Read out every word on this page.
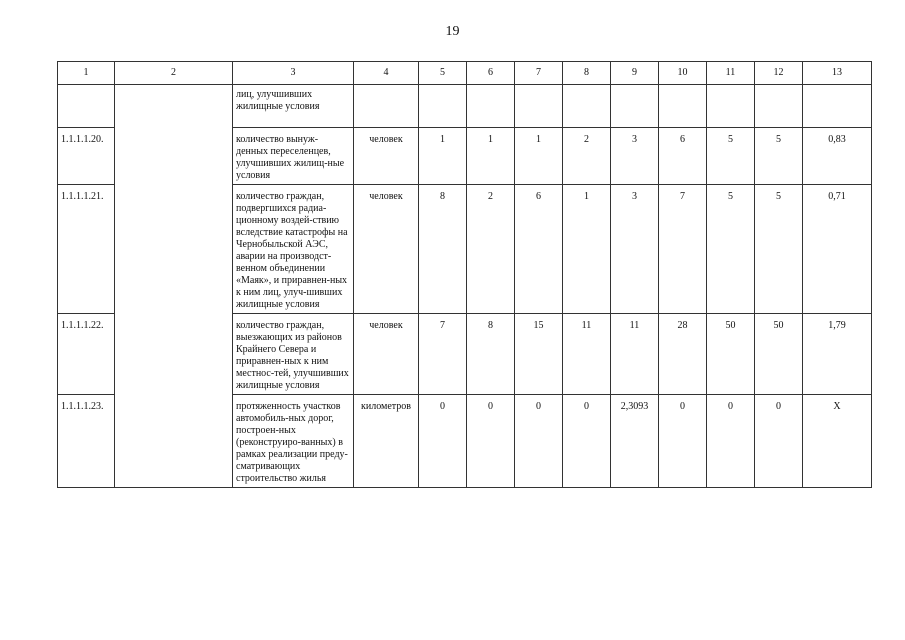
19
1	2	3	4	5	6	7	8	9	10	11	12	13
		лиц, улучшивших жилищные условия										
1.1.1.1.20.		количество вынуж-денных переселенцев, улучшивших жилищ-ные условия	человек	1	1	1	2	3	6	5	5	0,83
1.1.1.1.21.		количество граждан, подвергшихся радиа-ционному воздей-ствию вследствие катастрофы на Чернобыльской АЭС, аварии на производст-венном объединении «Маяк», и приравнен-ных к ним лиц, улуч-шивших жилищные условия	человек	8	2	6	1	3	7	5	5	0,71
1.1.1.1.22.		количество граждан, выезжающих из районов Крайнего Севера и приравнен-ных к ним местнос-тей, улучшивших жилищные условия	человек	7	8	15	11	11	28	50	50	1,79
1.1.1.1.23.		протяженность участков автомобиль-ных дорог, построен-ных (реконструиро-ванных) в рамках реализации преду-сматривающих строительство жилья	километров	0	0	0	0	2,3093	0	0	0	X
